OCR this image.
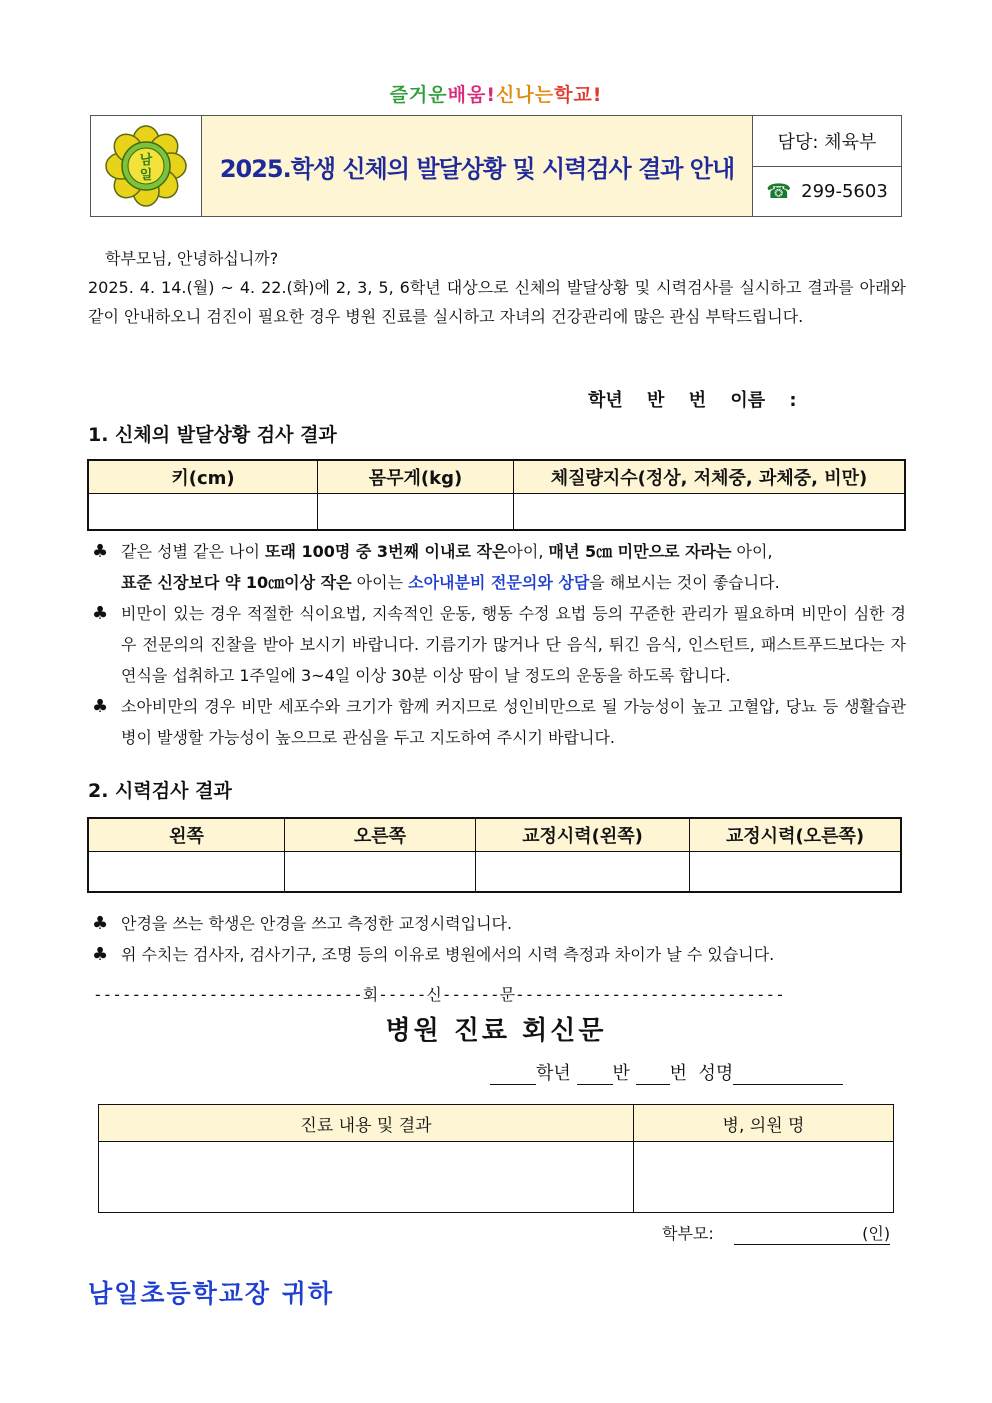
즐거운배움!신나는학교!
남
일	2025.학생 신체의 발달상황 및 시력검사 결과 안내
담당: 체육부
☎ 299-5603
학부모님, 안녕하십니까?
2025. 4. 14.(월) ~ 4. 22.(화)에 2, 3, 5, 6학년 대상으로 신체의 발달상황 및 시력검사를 실시하고 결과를 아래와 같이 안내하오니 검진이 필요한 경우 병원 진료를 실시하고 자녀의 건강관리에 많은 관심 부탁드립니다.
학년 반 번 이름 :
1. 신체의 발달상황 검사 결과
키(cm)	몸무게(kg)	체질량지수(정상, 저체중, 과체중, 비만)

♣ 같은 성별 같은 나이 또래 100명 중 3번째 이내로 작은아이, 매년 5㎝ 미만으로 자라는 아이,
표준 신장보다 약 10㎝이상 작은 아이는 소아내분비 전문의와 상담을 해보시는 것이 좋습니다.
♣ 비만이 있는 경우 적절한 식이요법, 지속적인 운동, 행동 수정 요법 등의 꾸준한 관리가 필요하며 비만이 심한 경우 전문의의 진찰을 받아 보시기 바랍니다. 기름기가 많거나 단 음식, 튀긴 음식, 인스턴트, 패스트푸드보다는 자연식을 섭취하고 1주일에 3~4일 이상 30분 이상 땀이 날 정도의 운동을 하도록 합니다.
♣ 소아비만의 경우 비만 세포수와 크기가 함께 커지므로 성인비만으로 될 가능성이 높고 고혈압, 당뇨 등 생활습관병이 발생할 가능성이 높으므로 관심을 두고 지도하여 주시기 바랍니다.
2. 시력검사 결과
왼쪽	오른쪽	교정시력(왼쪽)	교정시력(오른쪽)

♣ 안경을 쓰는 학생은 안경을 쓰고 측정한 교정시력입니다.
♣ 위 수치는 검사자, 검사기구, 조명 등의 이유로 병원에서의 시력 측정과 차이가 날 수 있습니다.
----------------------------회-----신------문----------------------------
병원 진료 회신문
학년 반 번 성명
진료 내용 및 결과	병, 의원 명

학부모:	(인)
남일초등학교장 귀하
